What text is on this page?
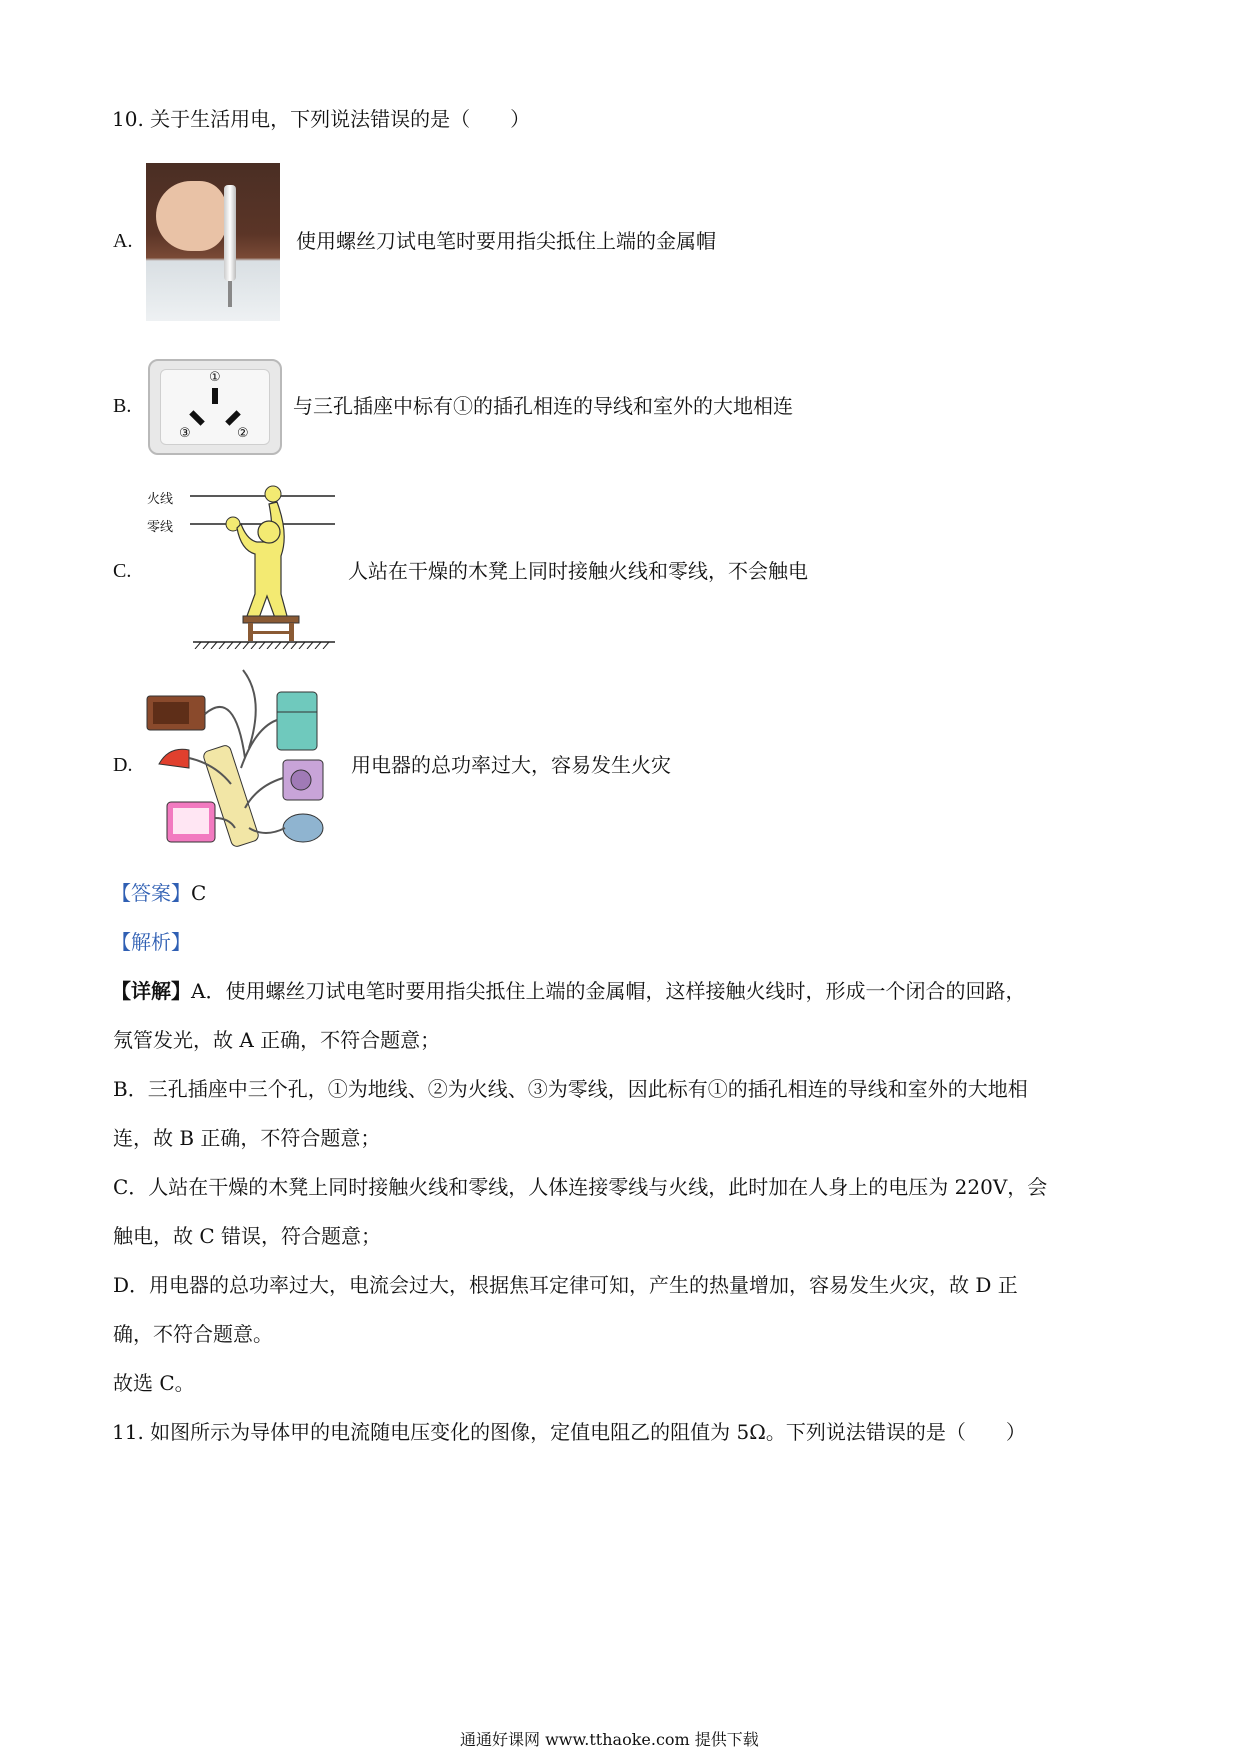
10. 关于生活用电，下列说法错误的是（　　）
A.	使用螺丝刀试电笔时要用指尖抵住上端的金属帽
B.
①
③	②
与三孔插座中标有①的插孔相连的导线和室外的大地相连
C.
火线
零线
人站在干燥的木凳上同时接触火线和零线，不会触电
D.	用电器的总功率过大，容易发生火灾
【答案】C
【解析】
【详解】A．使用螺丝刀试电笔时要用指尖抵住上端的金属帽，这样接触火线时，形成一个闭合的回路，
氖管发光，故 A 正确，不符合题意；
B．三孔插座中三个孔，①为地线、②为火线、③为零线，因此标有①的插孔相连的导线和室外的大地相
连，故 B 正确，不符合题意；
C．人站在干燥的木凳上同时接触火线和零线，人体连接零线与火线，此时加在人身上的电压为 220V，会
触电，故 C 错误，符合题意；
D．用电器的总功率过大，电流会过大，根据焦耳定律可知，产生的热量增加，容易发生火灾，故 D 正
确，不符合题意。
故选 C。
11. 如图所示为导体甲的电流随电压变化的图像，定值电阻乙的阻值为 5Ω。下列说法错误的是（　　）
通通好课网 www.tthaoke.com 提供下载
